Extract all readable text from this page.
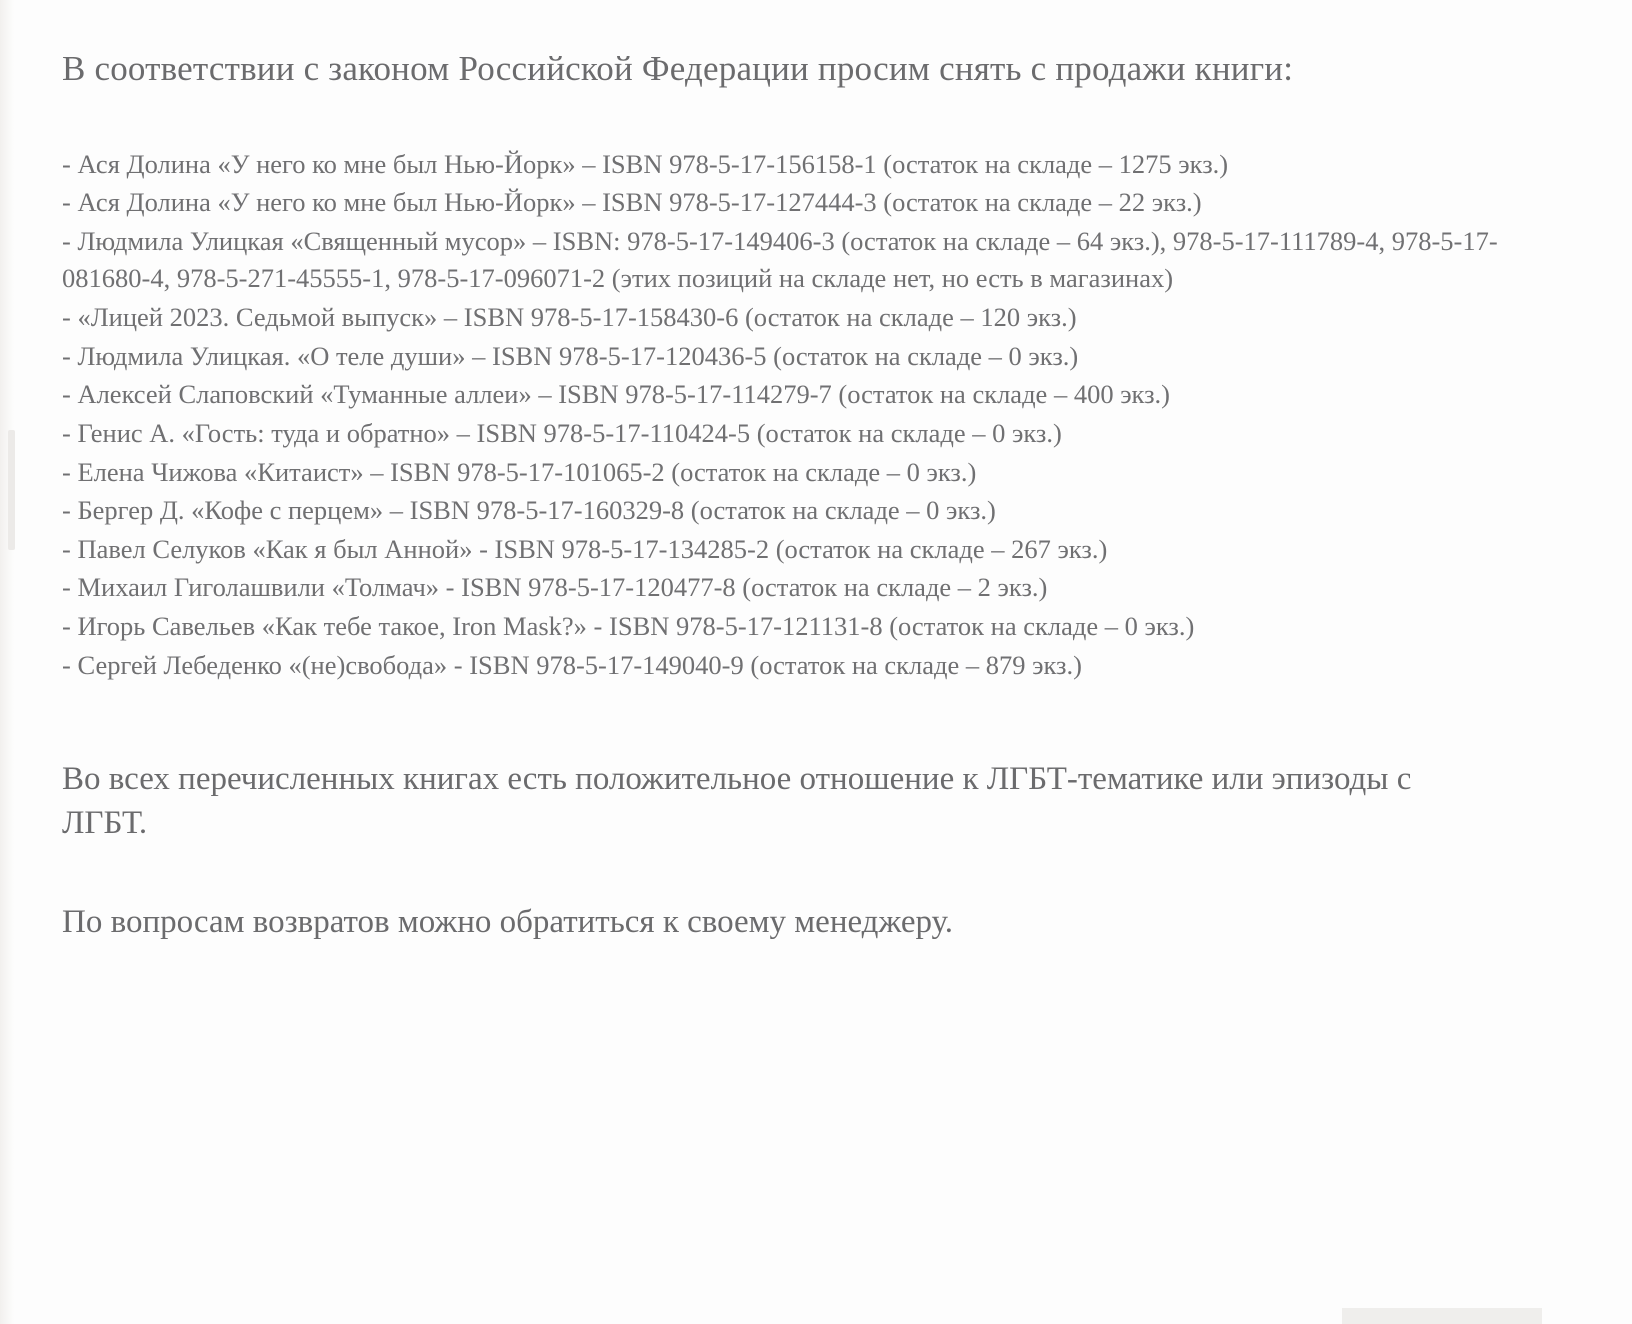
В соответствии с законом Российской Федерации просим снять с продажи книги:

- Ася Долина «У него ко мне был Нью-Йорк» – ISBN 978-5-17-156158-1 (остаток на складе – 1275 экз.)
- Ася Долина «У него ко мне был Нью-Йорк» – ISBN 978-5-17-127444-3 (остаток на складе – 22 экз.)
- Людмила Улицкая «Священный мусор» – ISBN: 978-5-17-149406-3 (остаток на складе – 64 экз.), 978-5-17-111789-4, 978-5-17-081680-4, 978-5-271-45555-1, 978-5-17-096071-2 (этих позиций на складе нет, но есть в магазинах)
- «Лицей 2023. Седьмой выпуск» – ISBN 978-5-17-158430-6 (остаток на складе – 120 экз.)
- Людмила Улицкая. «О теле души» – ISBN 978-5-17-120436-5 (остаток на складе – 0 экз.)
- Алексей Слаповский «Туманные аллеи» – ISBN 978-5-17-114279-7 (остаток на складе – 400 экз.)
- Генис А. «Гость: туда и обратно» – ISBN 978-5-17-110424-5 (остаток на складе – 0 экз.)
- Елена Чижова «Китаист» – ISBN 978-5-17-101065-2 (остаток на складе – 0 экз.)
- Бергер Д. «Кофе с перцем» – ISBN 978-5-17-160329-8 (остаток на складе – 0 экз.)
- Павел Селуков «Как я был Анной» - ISBN 978-5-17-134285-2 (остаток на складе – 267 экз.)
- Михаил Гиголашвили «Толмач» - ISBN 978-5-17-120477-8 (остаток на складе – 2 экз.)
- Игорь Савельев «Как тебе такое, Iron Mask?» - ISBN 978-5-17-121131-8 (остаток на складе – 0 экз.)
- Сергей Лебеденко «(не)свобода» - ISBN 978-5-17-149040-9 (остаток на складе – 879 экз.)

Во всех перечисленных книгах есть положительное отношение к ЛГБТ-тематике или эпизоды с ЛГБТ.

По вопросам возвратов можно обратиться к своему менеджеру.
